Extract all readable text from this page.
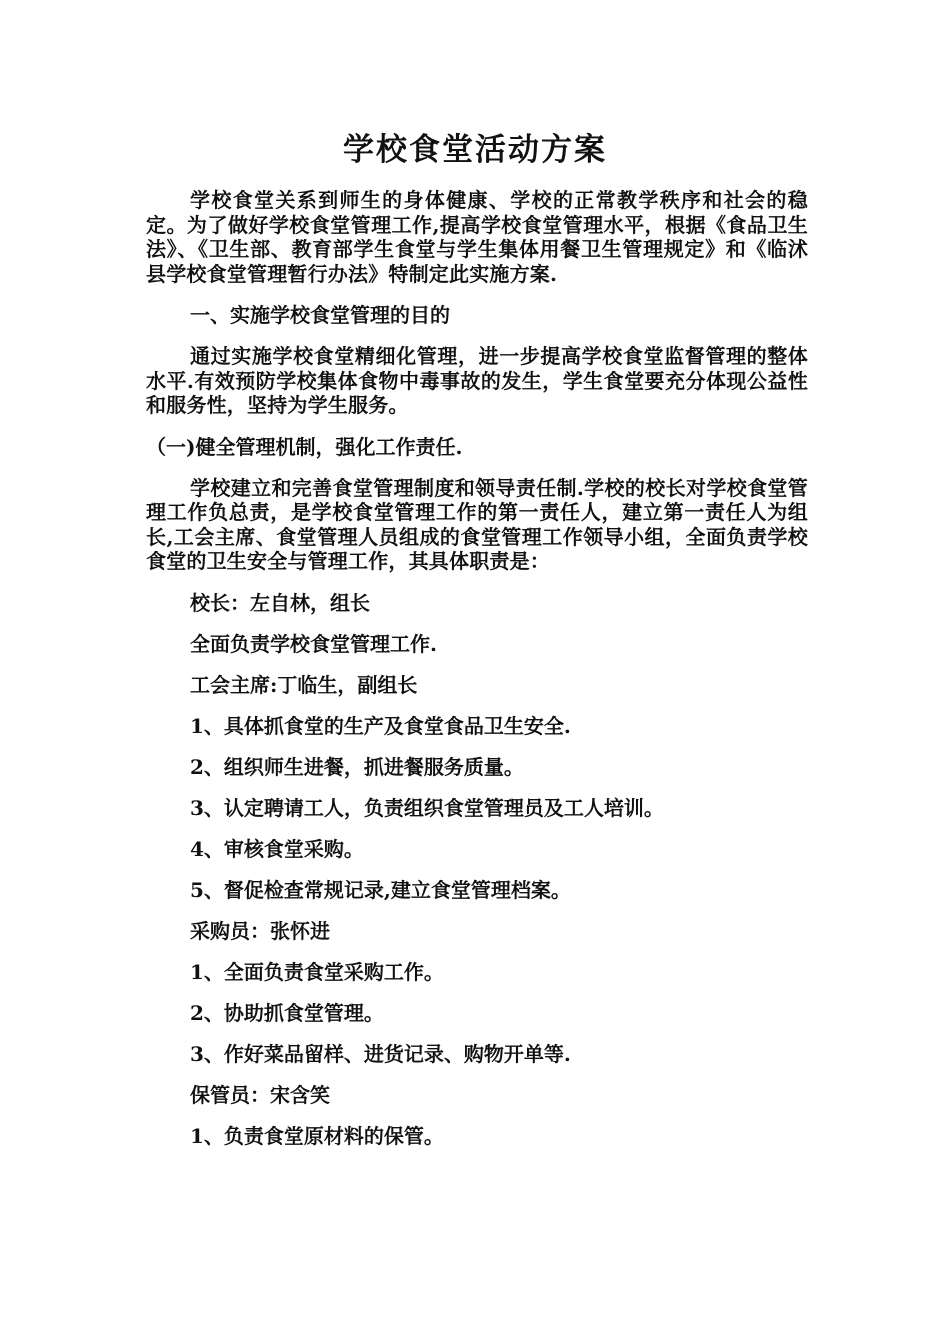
学校食堂活动方案

学校食堂关系到师生的身体健康、学校的正常教学秩序和社会的稳定。为了做好学校食堂管理工作,提高学校食堂管理水平，根据《食品卫生法》、《卫生部、教育部学生食堂与学生集体用餐卫生管理规定》和《临沭县学校食堂管理暂行办法》特制定此实施方案.

一、实施学校食堂管理的目的

通过实施学校食堂精细化管理，进一步提高学校食堂监督管理的整体水平.有效预防学校集体食物中毒事故的发生，学生食堂要充分体现公益性和服务性，坚持为学生服务。

（一)健全管理机制，强化工作责任.

学校建立和完善食堂管理制度和领导责任制.学校的校长对学校食堂管理工作负总责，是学校食堂管理工作的第一责任人，建立第一责任人为组长,工会主席、食堂管理人员组成的食堂管理工作领导小组，全面负责学校食堂的卫生安全与管理工作，其具体职责是：

校长：左自林，组长

全面负责学校食堂管理工作.

工会主席:丁临生，副组长

1、具体抓食堂的生产及食堂食品卫生安全.

2、组织师生进餐，抓进餐服务质量。

3、认定聘请工人，负责组织食堂管理员及工人培训。

4、审核食堂采购。

5、督促检查常规记录,建立食堂管理档案。

采购员：张怀进

1、全面负责食堂采购工作。

2、协助抓食堂管理。

3、作好菜品留样、进货记录、购物开单等.

保管员：宋含笑

1、负责食堂原材料的保管。
